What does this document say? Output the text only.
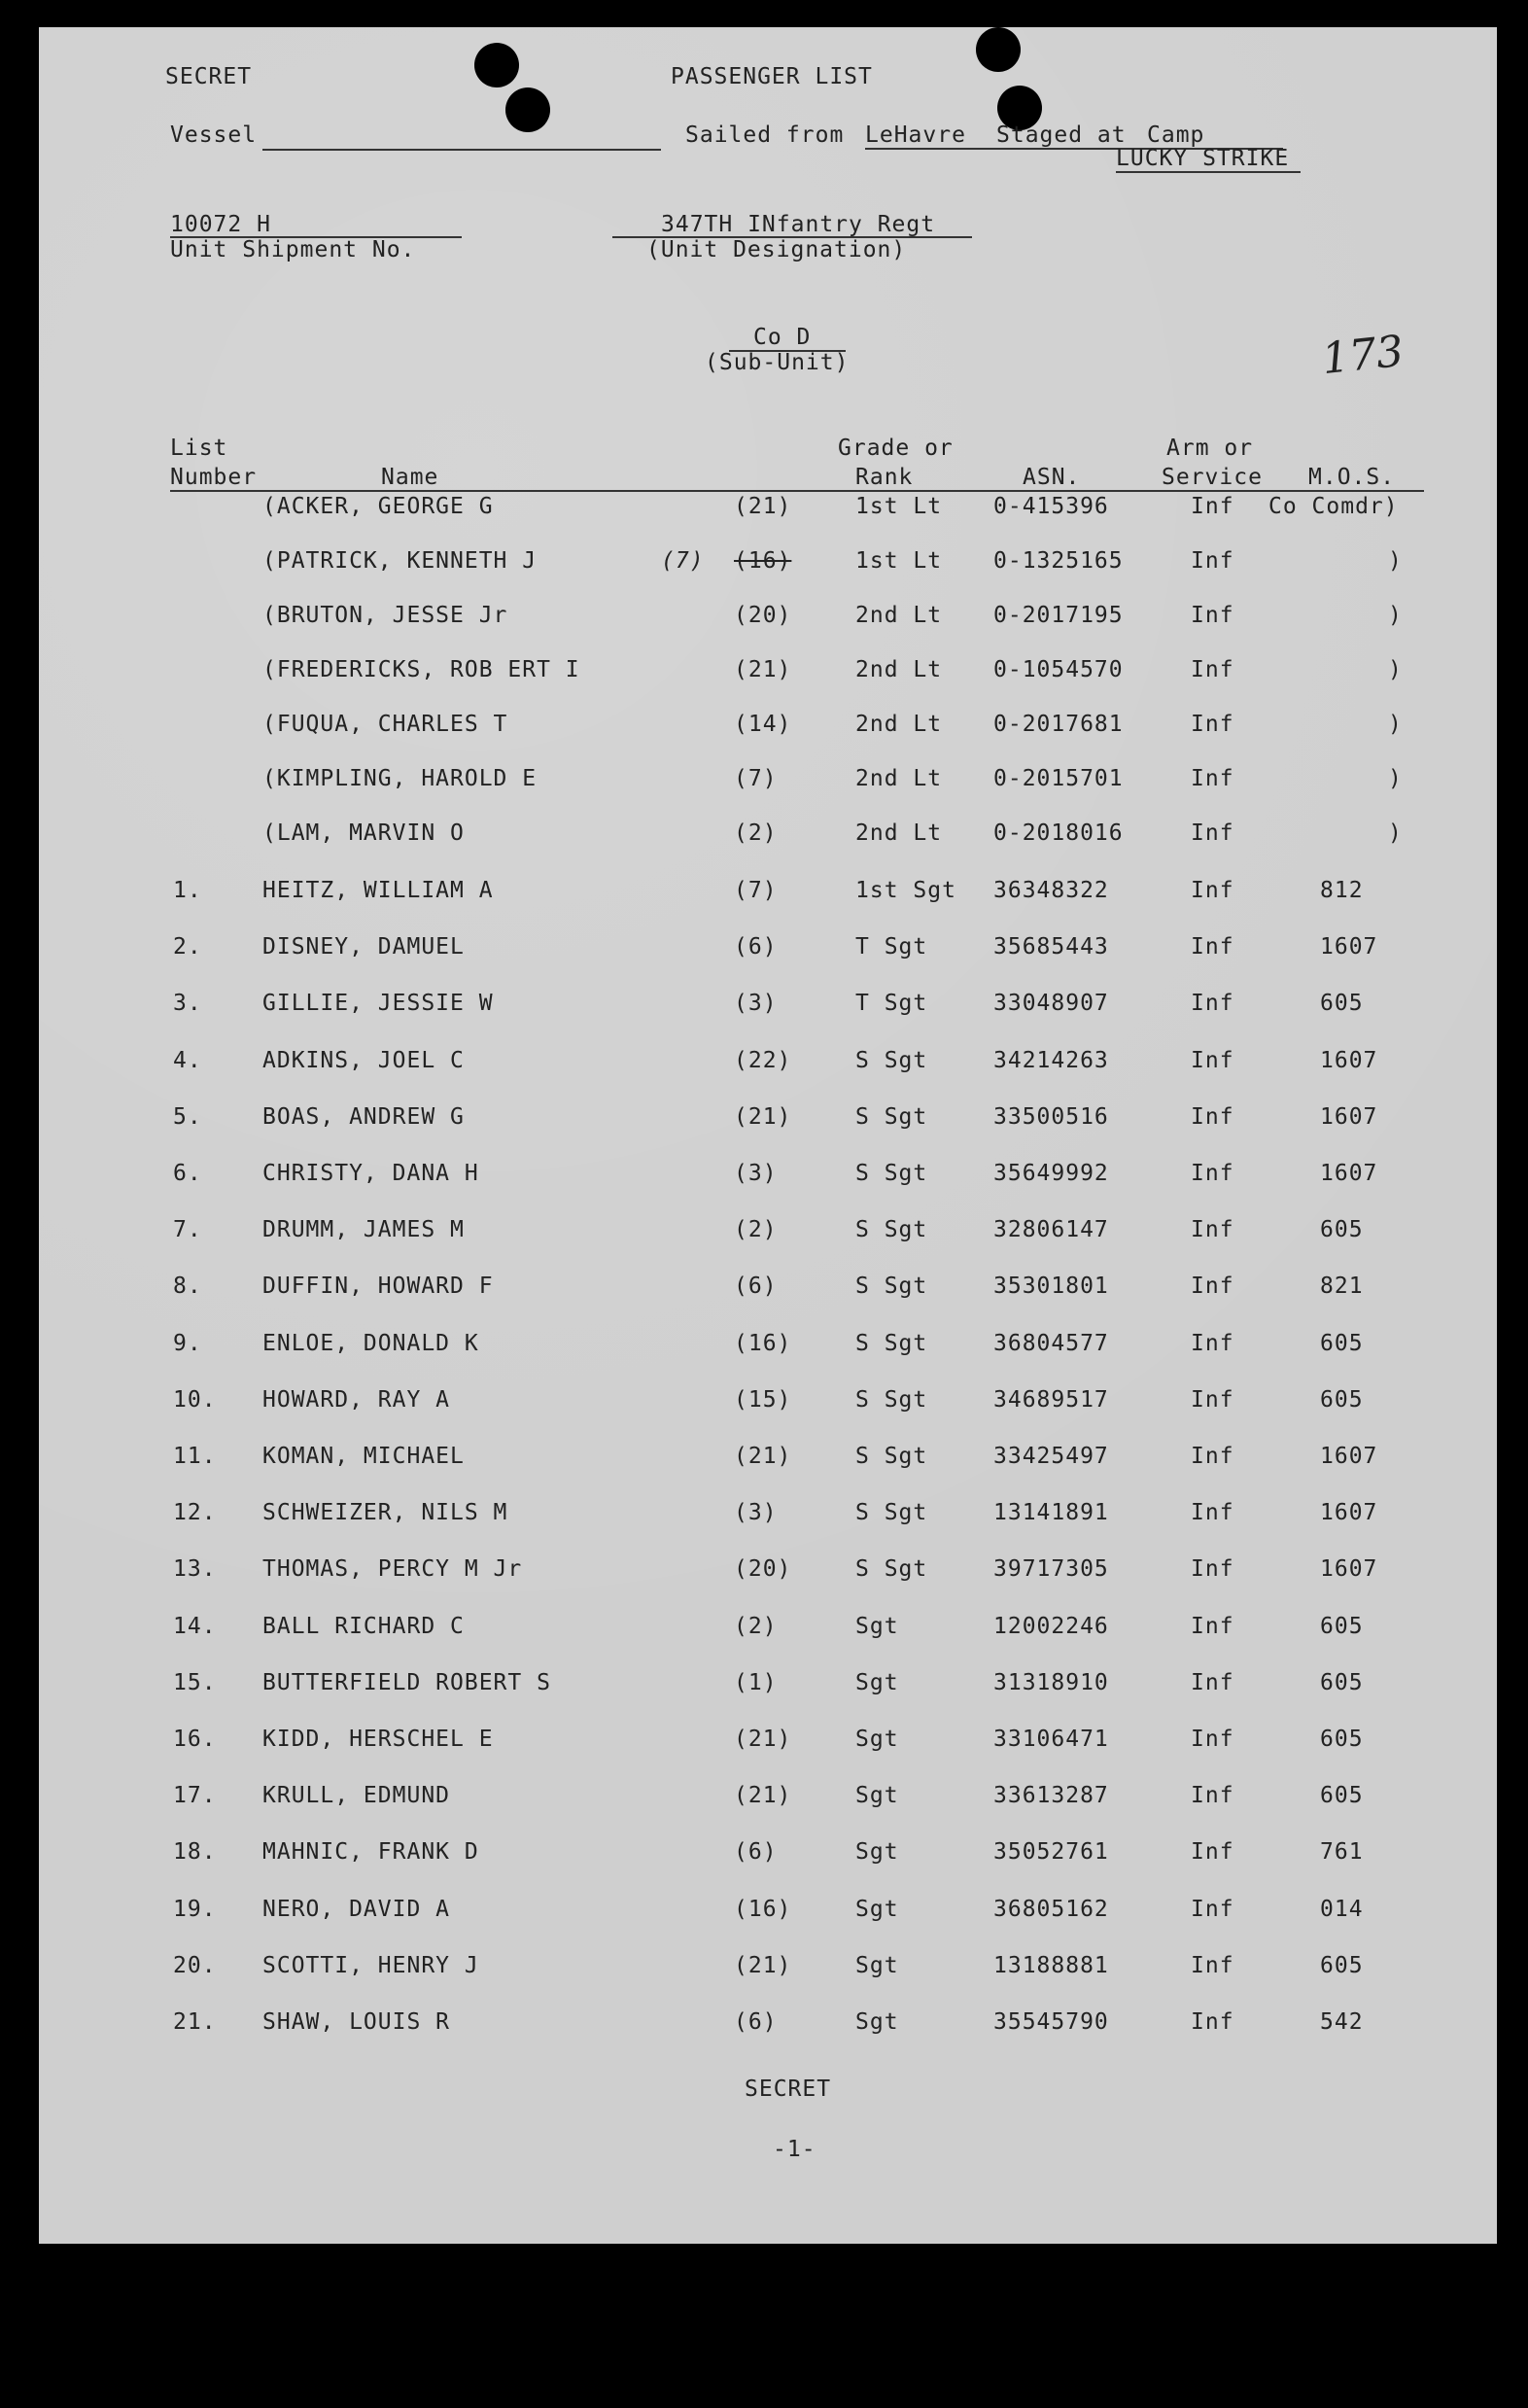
SECRET	PASSENGER LIST
Vessel	Sailed from LeHavre Staged at Camp
LUCKY STRIKE
10072 H
Unit Shipment No.
347TH INfantry Regt
(Unit Designation)
Co D
(Sub-Unit)	173
List
Number	Name
Grade or
Rank	ASN.
Arm or
Service M.O.S.
(ACKER, GEORGE G	(21)	1st Lt 0-415396	Inf Co Comdr)
(PATRICK, KENNETH J	(7) (16)	1st Lt 0-1325165	Inf	)
(BRUTON, JESSE Jr	(20)	2nd Lt 0-2017195	Inf	)
(FREDERICKS, ROB ERT I	(21)	2nd Lt 0-1054570	Inf	)
(FUQUA, CHARLES T	(14)	2nd Lt 0-2017681	Inf	)
(KIMPLING, HAROLD E	(7)	2nd Lt 0-2015701	Inf	)
(LAM, MARVIN O	(2)	2nd Lt 0-2018016	Inf	)
1.	HEITZ, WILLIAM A	(7)	1st Sgt 36348322	Inf	812
2.	DISNEY, DAMUEL	(6)	T Sgt	35685443	Inf	1607
3.	GILLIE, JESSIE W	(3)	T Sgt	33048907	Inf	605
4.	ADKINS, JOEL C	(22)	S Sgt	34214263	Inf	1607
5.	BOAS, ANDREW G	(21)	S Sgt	33500516	Inf	1607
6.	CHRISTY, DANA H	(3)	S Sgt	35649992	Inf	1607
7.	DRUMM, JAMES M	(2)	S Sgt	32806147	Inf	605
8.	DUFFIN, HOWARD F	(6)	S Sgt	35301801	Inf	821
9.	ENLOE, DONALD K	(16)	S Sgt	36804577	Inf	605
10. HOWARD, RAY A	(15)	S Sgt	34689517	Inf	605
11. KOMAN, MICHAEL	(21)	S Sgt	33425497	Inf	1607
12. SCHWEIZER, NILS M	(3)	S Sgt	13141891	Inf	1607
13. THOMAS, PERCY M Jr	(20)	S Sgt	39717305	Inf	1607
14. BALL RICHARD C	(2)	Sgt	12002246	Inf	605
15. BUTTERFIELD ROBERT S	(1)	Sgt	31318910	Inf	605
16. KIDD, HERSCHEL E	(21)	Sgt	33106471	Inf	605
17. KRULL, EDMUND	(21)	Sgt	33613287	Inf	605
18. MAHNIC, FRANK D	(6)	Sgt	35052761	Inf	761
19. NERO, DAVID A	(16)	Sgt	36805162	Inf	014
20. SCOTTI, HENRY J	(21)	Sgt	13188881	Inf	605
21. SHAW, LOUIS R	(6)	Sgt	35545790	Inf	542
SECRET
-1-
